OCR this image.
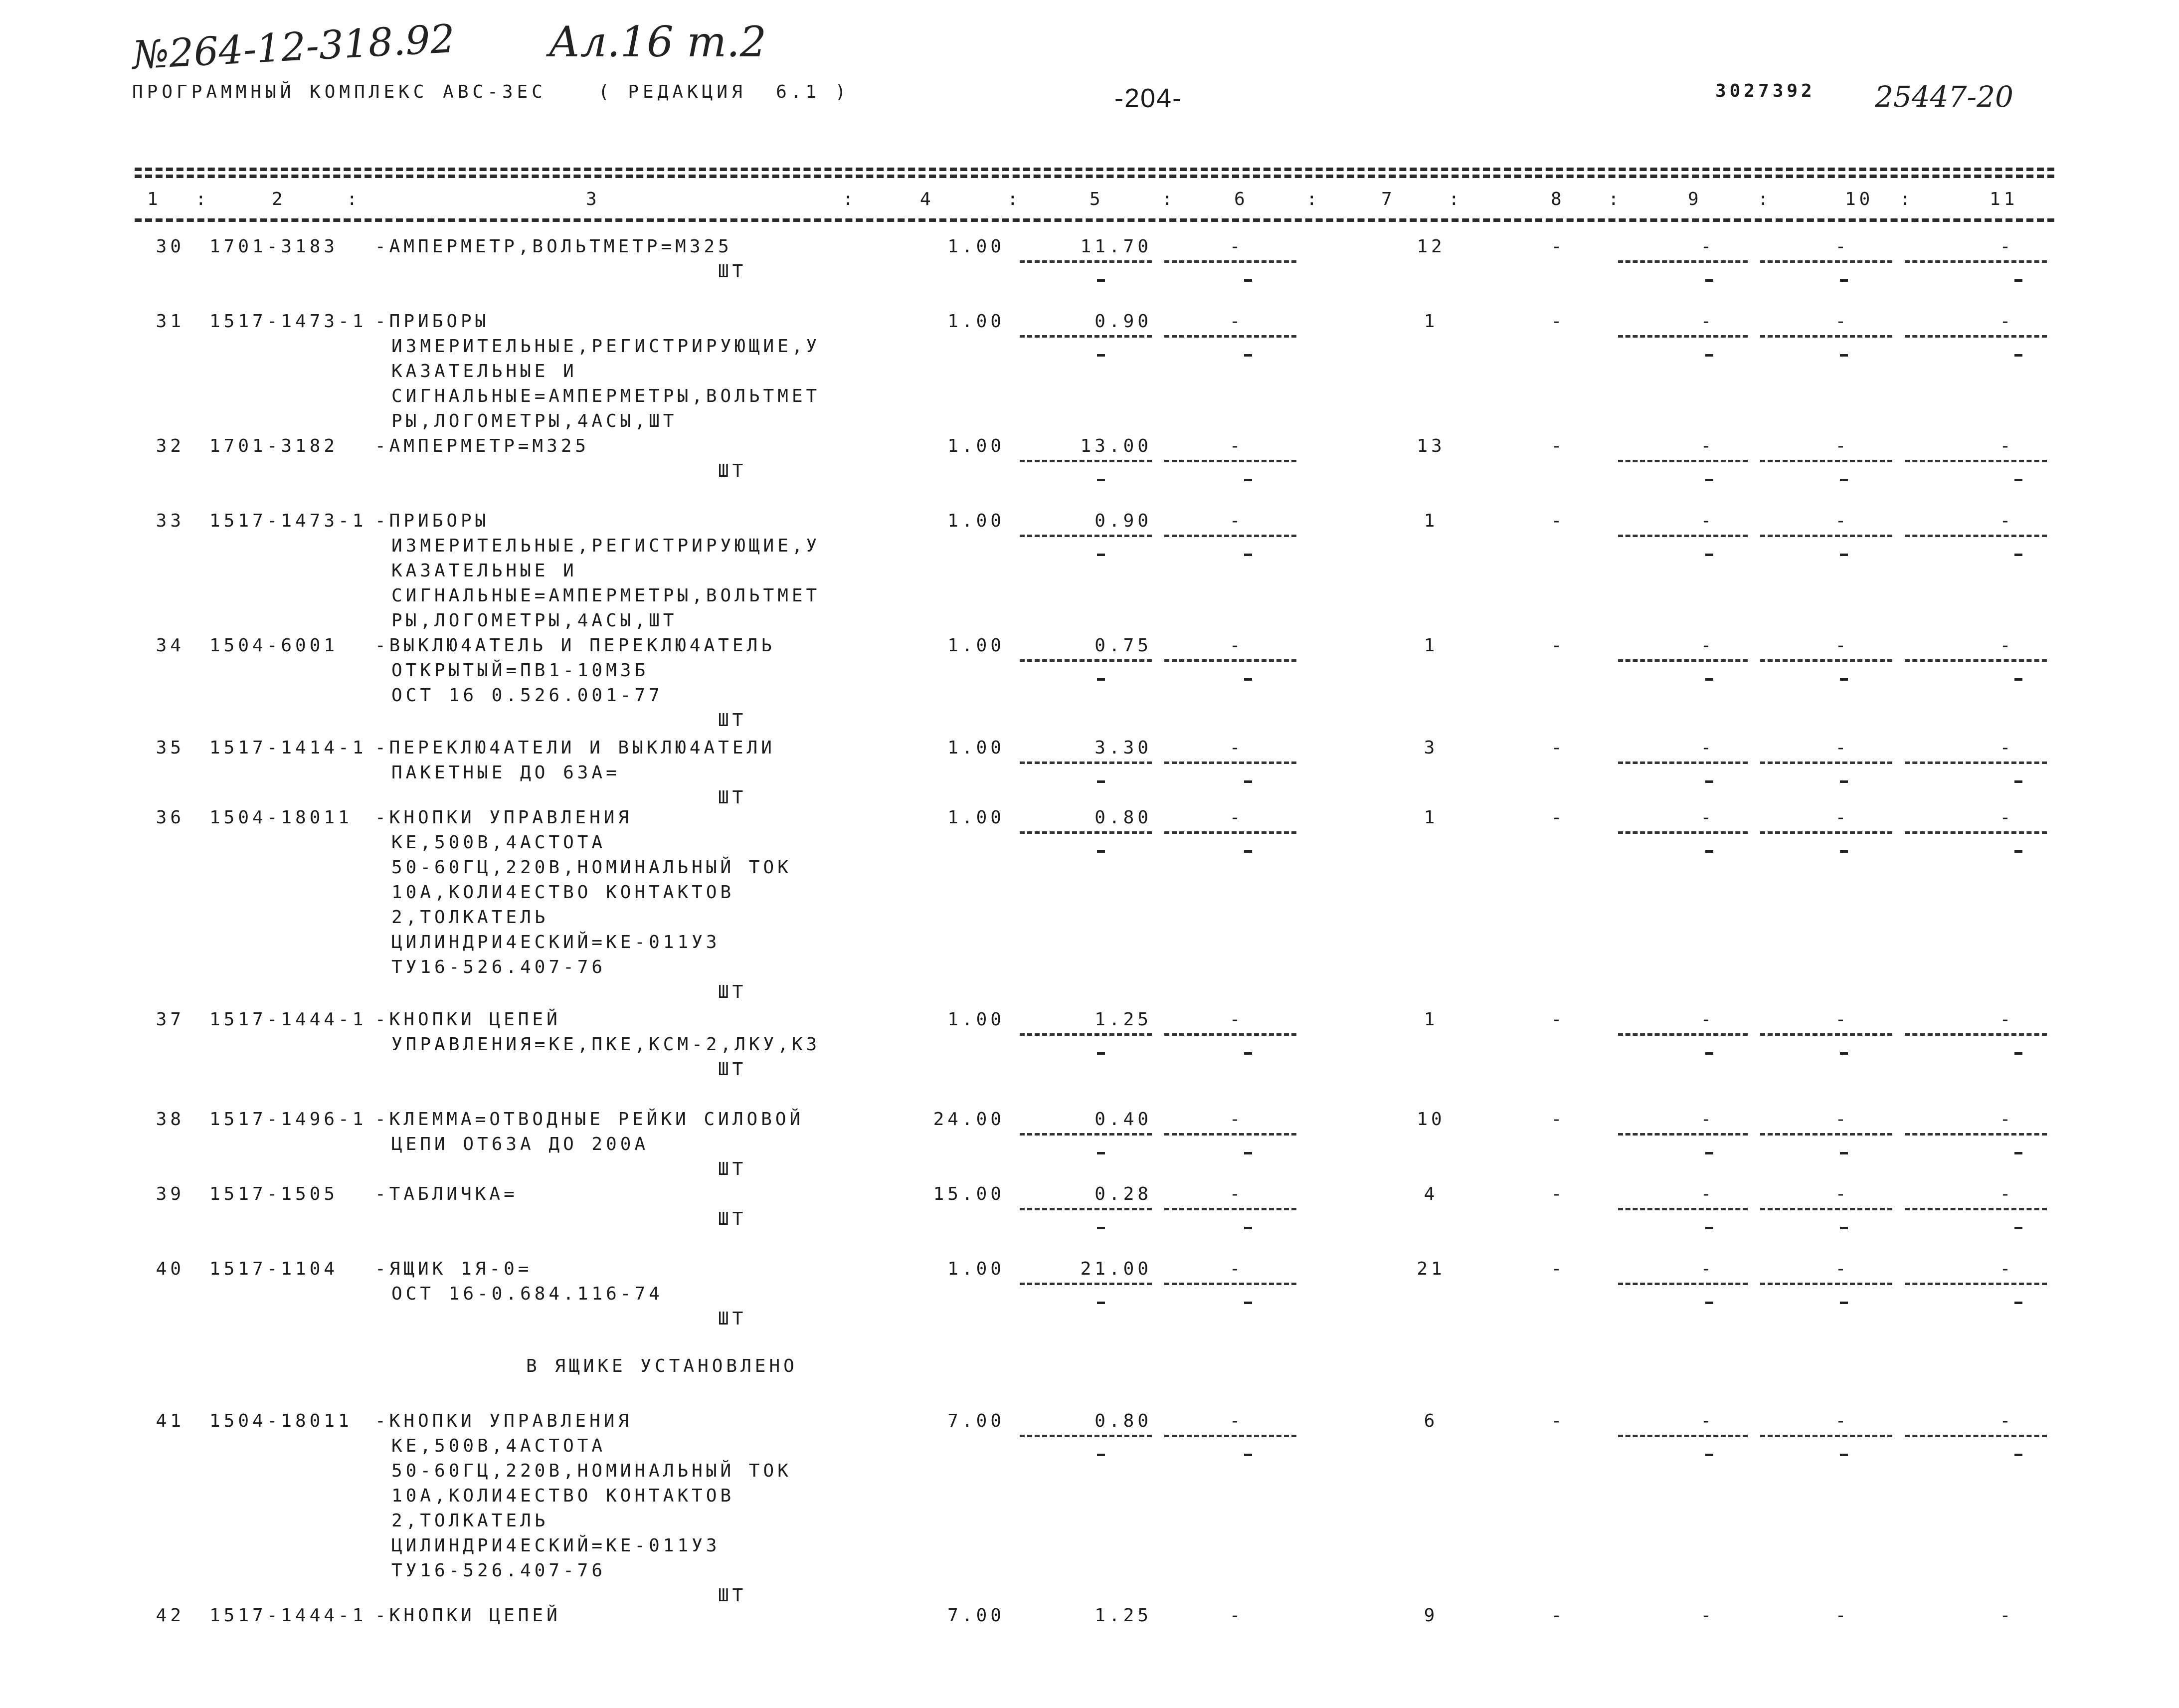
№264-12-318.92 Ал.16 т.2
ПРОГРАММНЫЙ КОМПЛЕКС АВС-3ЕС	( РЕДАКЦИЯ  6.1 )	-204-	3027392 25447-20
30 1701-3183 -АМПЕРМЕТР,ВОЛЬТМЕТР=М325
ШТ
1.00	11.70	-	12	-	-	-	-
31 1517-1473-1 -ПРИБОРЫ
ИЗМЕРИТЕЛЬНЫЕ,РЕГИСТРИРУЮЩИЕ,У
КАЗАТЕЛЬНЫЕ И
СИГНАЛЬНЫЕ=АМПЕРМЕТРЫ,ВОЛЬТМЕТ
РЫ,ЛОГОМЕТРЫ,4АСЫ,ШТ
1.00	0.90	-	1	-	-	-	-
32 1701-3182 -АМПЕРМЕТР=М325
ШТ
1.00	13.00	-	13	-	-	-	-
33 1517-1473-1 -ПРИБОРЫ
ИЗМЕРИТЕЛЬНЫЕ,РЕГИСТРИРУЮЩИЕ,У
КАЗАТЕЛЬНЫЕ И
СИГНАЛЬНЫЕ=АМПЕРМЕТРЫ,ВОЛЬТМЕТ
РЫ,ЛОГОМЕТРЫ,4АСЫ,ШТ
1.00	0.90	-	1	-	-	-	-
34 1504-6001 -ВЫКЛЮ4АТЕЛЬ И ПЕРЕКЛЮ4АТЕЛЬ
ОТКРЫТЫЙ=ПВ1-10М3Б
ОСТ 16 0.526.001-77
ШТ
1.00	0.75	-	1	-	-	-	-
35 1517-1414-1 -ПЕРЕКЛЮ4АТЕЛИ И ВЫКЛЮ4АТЕЛИ
ПАКЕТНЫЕ ДО 63А=
ШТ
1.00	3.30	-	3	-	-	-	-
36 1504-18011 -КНОПКИ УПРАВЛЕНИЯ
КЕ,500В,4АСТОТА
50-60ГЦ,220В,НОМИНАЛЬНЫЙ ТОК
10А,КОЛИ4ЕСТВО КОНТАКТОВ
2,ТОЛКАТЕЛЬ
ЦИЛИНДРИ4ЕСКИЙ=КЕ-011У3
ТУ16-526.407-76
ШТ
1.00	0.80	-	1	-	-	-	-
37 1517-1444-1 -КНОПКИ ЦЕПЕЙ
УПРАВЛЕНИЯ=КЕ,ПКЕ,КСМ-2,ЛКУ,КЗ
ШТ
1.00	1.25	-	1	-	-	-	-
38 1517-1496-1 -КЛЕММА=ОТВОДНЫЕ РЕЙКИ СИЛОВОЙ
ЦЕПИ ОТ63А ДО 200А
ШТ
24.00	0.40	-	10	-	-	-	-
39 1517-1505 -ТАБЛИЧКА=
ШТ
15.00	0.28	-	4	-	-	-	-
40 1517-1104 -ЯЩИК 1Я-0=
ОСТ 16-0.684.116-74
ШТ
1.00	21.00	-	21	-	-	-	-
41 1504-18011 -КНОПКИ УПРАВЛЕНИЯ
КЕ,500В,4АСТОТА
50-60ГЦ,220В,НОМИНАЛЬНЫЙ ТОК
10А,КОЛИ4ЕСТВО КОНТАКТОВ
2,ТОЛКАТЕЛЬ
ЦИЛИНДРИ4ЕСКИЙ=КЕ-011У3
ТУ16-526.407-76
ШТ
7.00	0.80	-	6	-	-	-	-
42 1517-1444-1 -КНОПКИ ЦЕПЕЙ	7.00	1.25	-	9	-	-	-	-
1	2	3	4	5	6	7	8	9	10	11
:	:	:	:	:	:	:	:	:	:
В ЯЩИКЕ УСТАНОВЛЕНО
